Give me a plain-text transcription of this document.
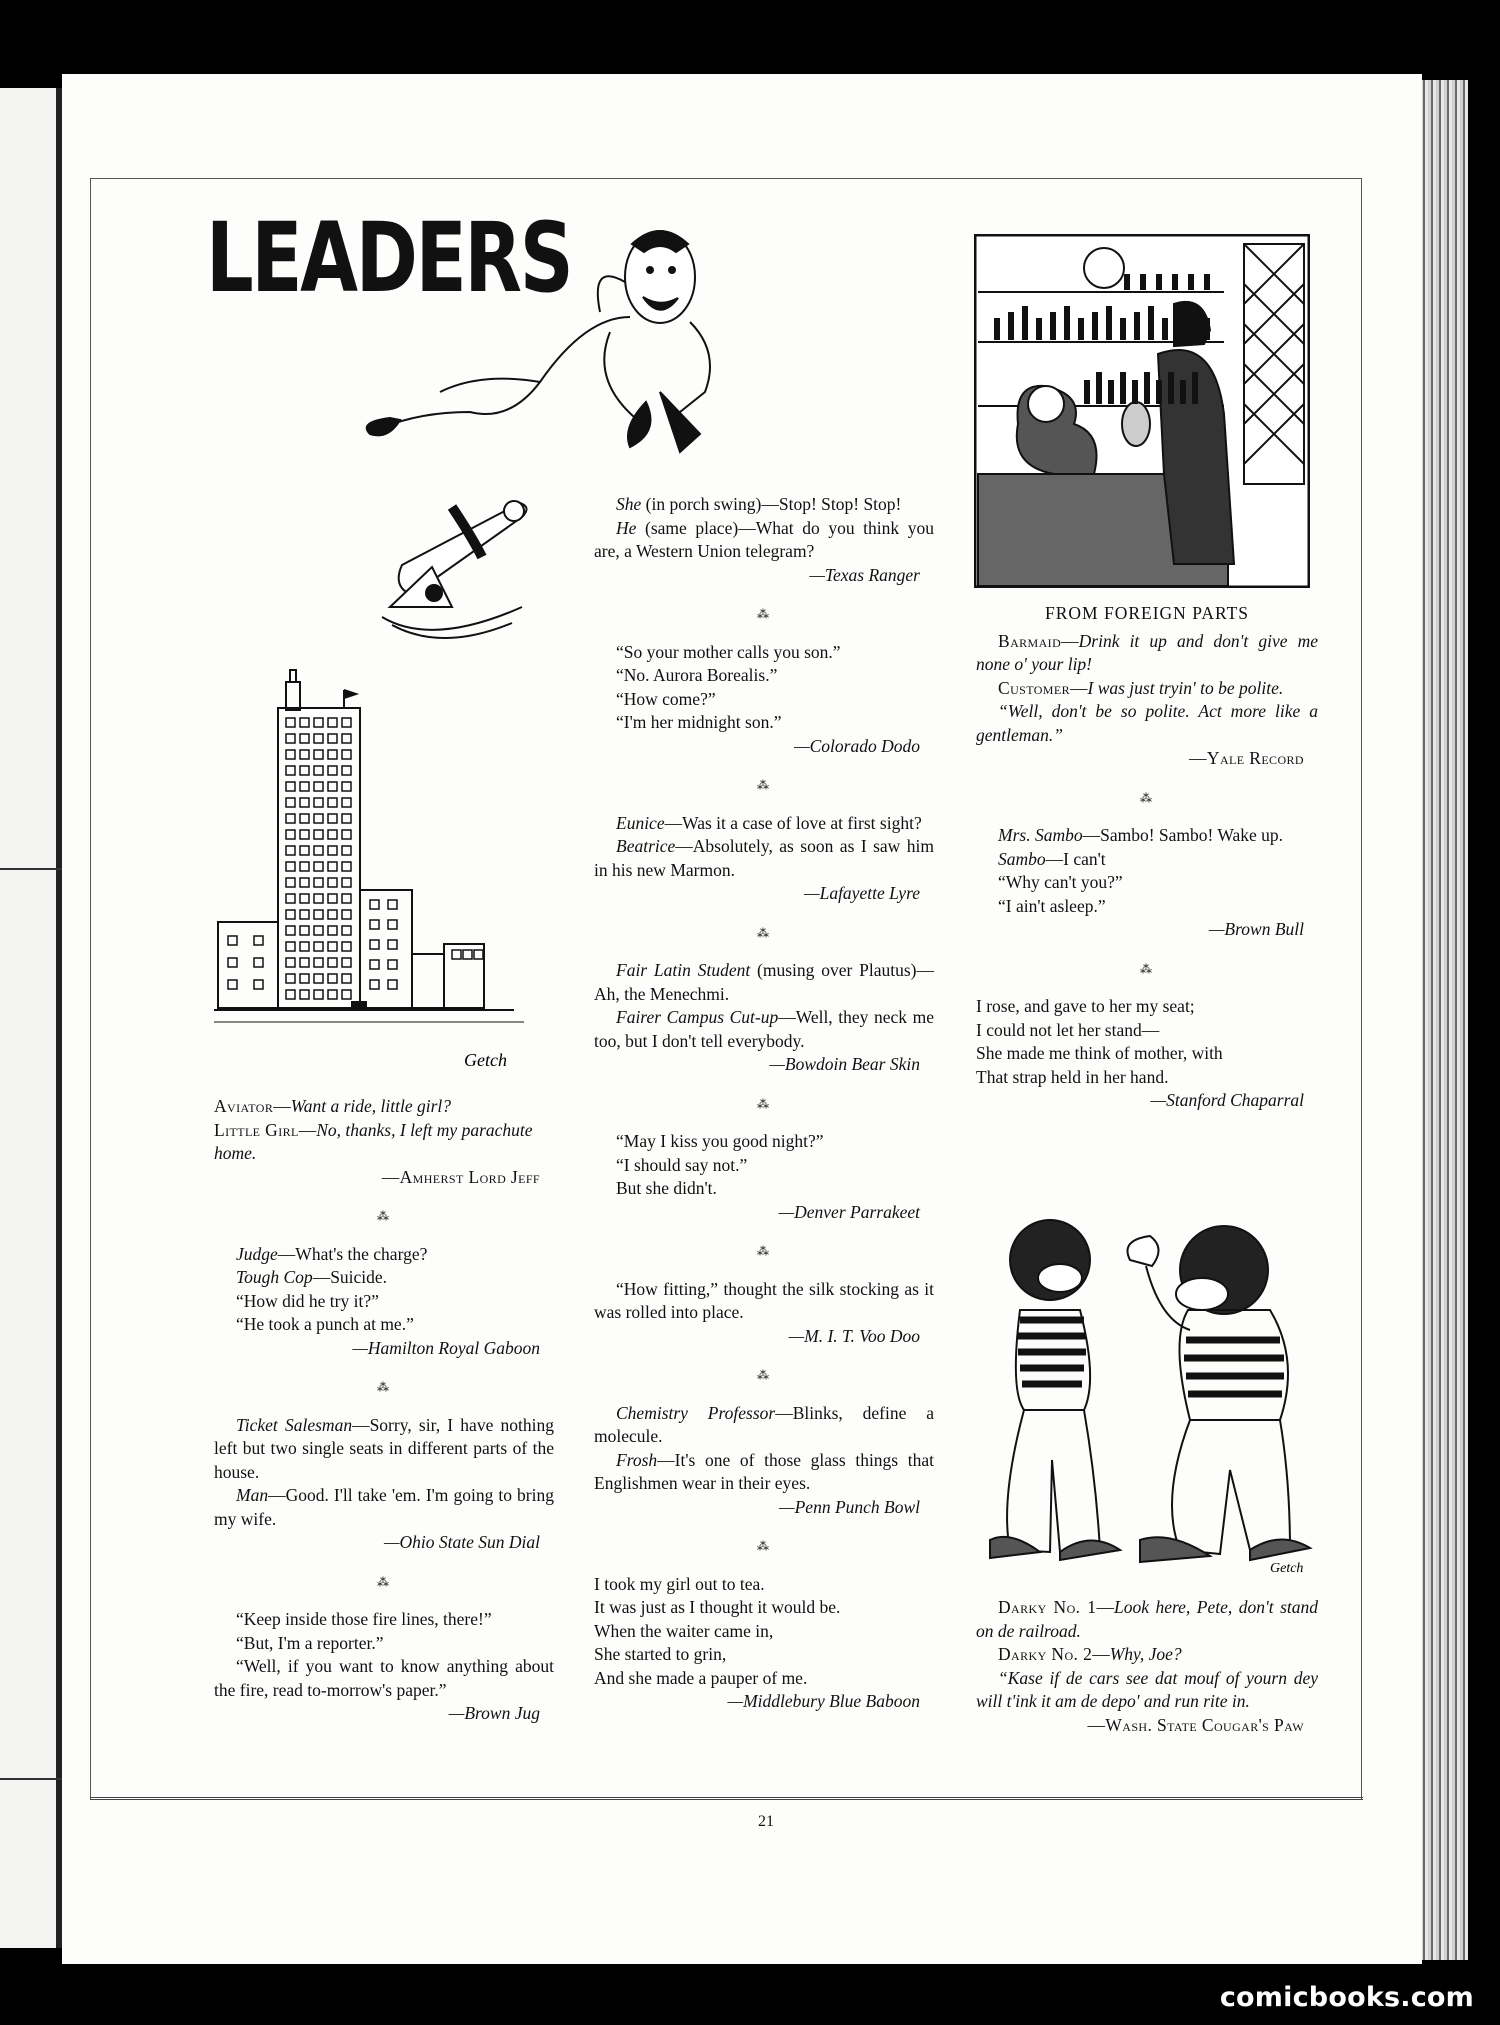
LEADERS
Getch
Getch

Aviator—Want a ride, little girl?

Little Girl—No, thanks, I left my parachute home.

—Amherst Lord Jeff

⁂

Judge—What's the charge?

Tough Cop—Suicide.

“How did he try it?”

“He took a punch at me.”

—Hamilton Royal Gaboon

⁂

Ticket Salesman—Sorry, sir, I have nothing left but two single seats in different parts of the house.

Man—Good. I'll take 'em. I'm going to bring my wife.

—Ohio State Sun Dial

⁂

“Keep inside those fire lines, there!”

“But, I'm a reporter.”

“Well, if you want to know anything about the fire, read to-morrow's paper.”

—Brown Jug

She (in porch swing)—Stop! Stop! Stop!

He (same place)—What do you think you are, a Western Union telegram?

—Texas Ranger

⁂

“So your mother calls you son.”

“No. Aurora Borealis.”

“How come?”

“I'm her midnight son.”

—Colorado Dodo

⁂

Eunice—Was it a case of love at first sight?

Beatrice—Absolutely, as soon as I saw him in his new Marmon.

—Lafayette Lyre

⁂

Fair Latin Student (musing over Plautus)—Ah, the Menechmi.

Fairer Campus Cut-up—Well, they neck me too, but I don't tell everybody.

—Bowdoin Bear Skin

⁂

“May I kiss you good night?”

“I should say not.”

But she didn't.

—Denver Parrakeet

⁂

“How fitting,” thought the silk stocking as it was rolled into place.

—M. I. T. Voo Doo

⁂

Chemistry Professor—Blinks, define a molecule.

Frosh—It's one of those glass things that Englishmen wear in their eyes.

—Penn Punch Bowl

⁂

I took my girl out to tea.

It was just as I thought it would be.

When the waiter came in,

She started to grin,

And she made a pauper of me.

—Middlebury Blue Baboon

FROM FOREIGN PARTS

Barmaid—Drink it up and don't give me none o' your lip!

Customer—I was just tryin' to be polite.

“Well, don't be so polite. Act more like a gentleman.”

—Yale Record

⁂

Mrs. Sambo—Sambo! Sambo! Wake up.

Sambo—I can't

“Why can't you?”

“I ain't asleep.”

—Brown Bull

⁂

I rose, and gave to her my seat;

I could not let her stand—

She made me think of mother, with

That strap held in her hand.

—Stanford Chaparral

Darky No. 1—Look here, Pete, don't stand on de railroad.

Darky No. 2—Why, Joe?

“Kase if de cars see dat mouf of yourn dey will t'ink it am de depo' and run rite in.

—Wash. State Cougar's Paw

21
comicbooks.com
